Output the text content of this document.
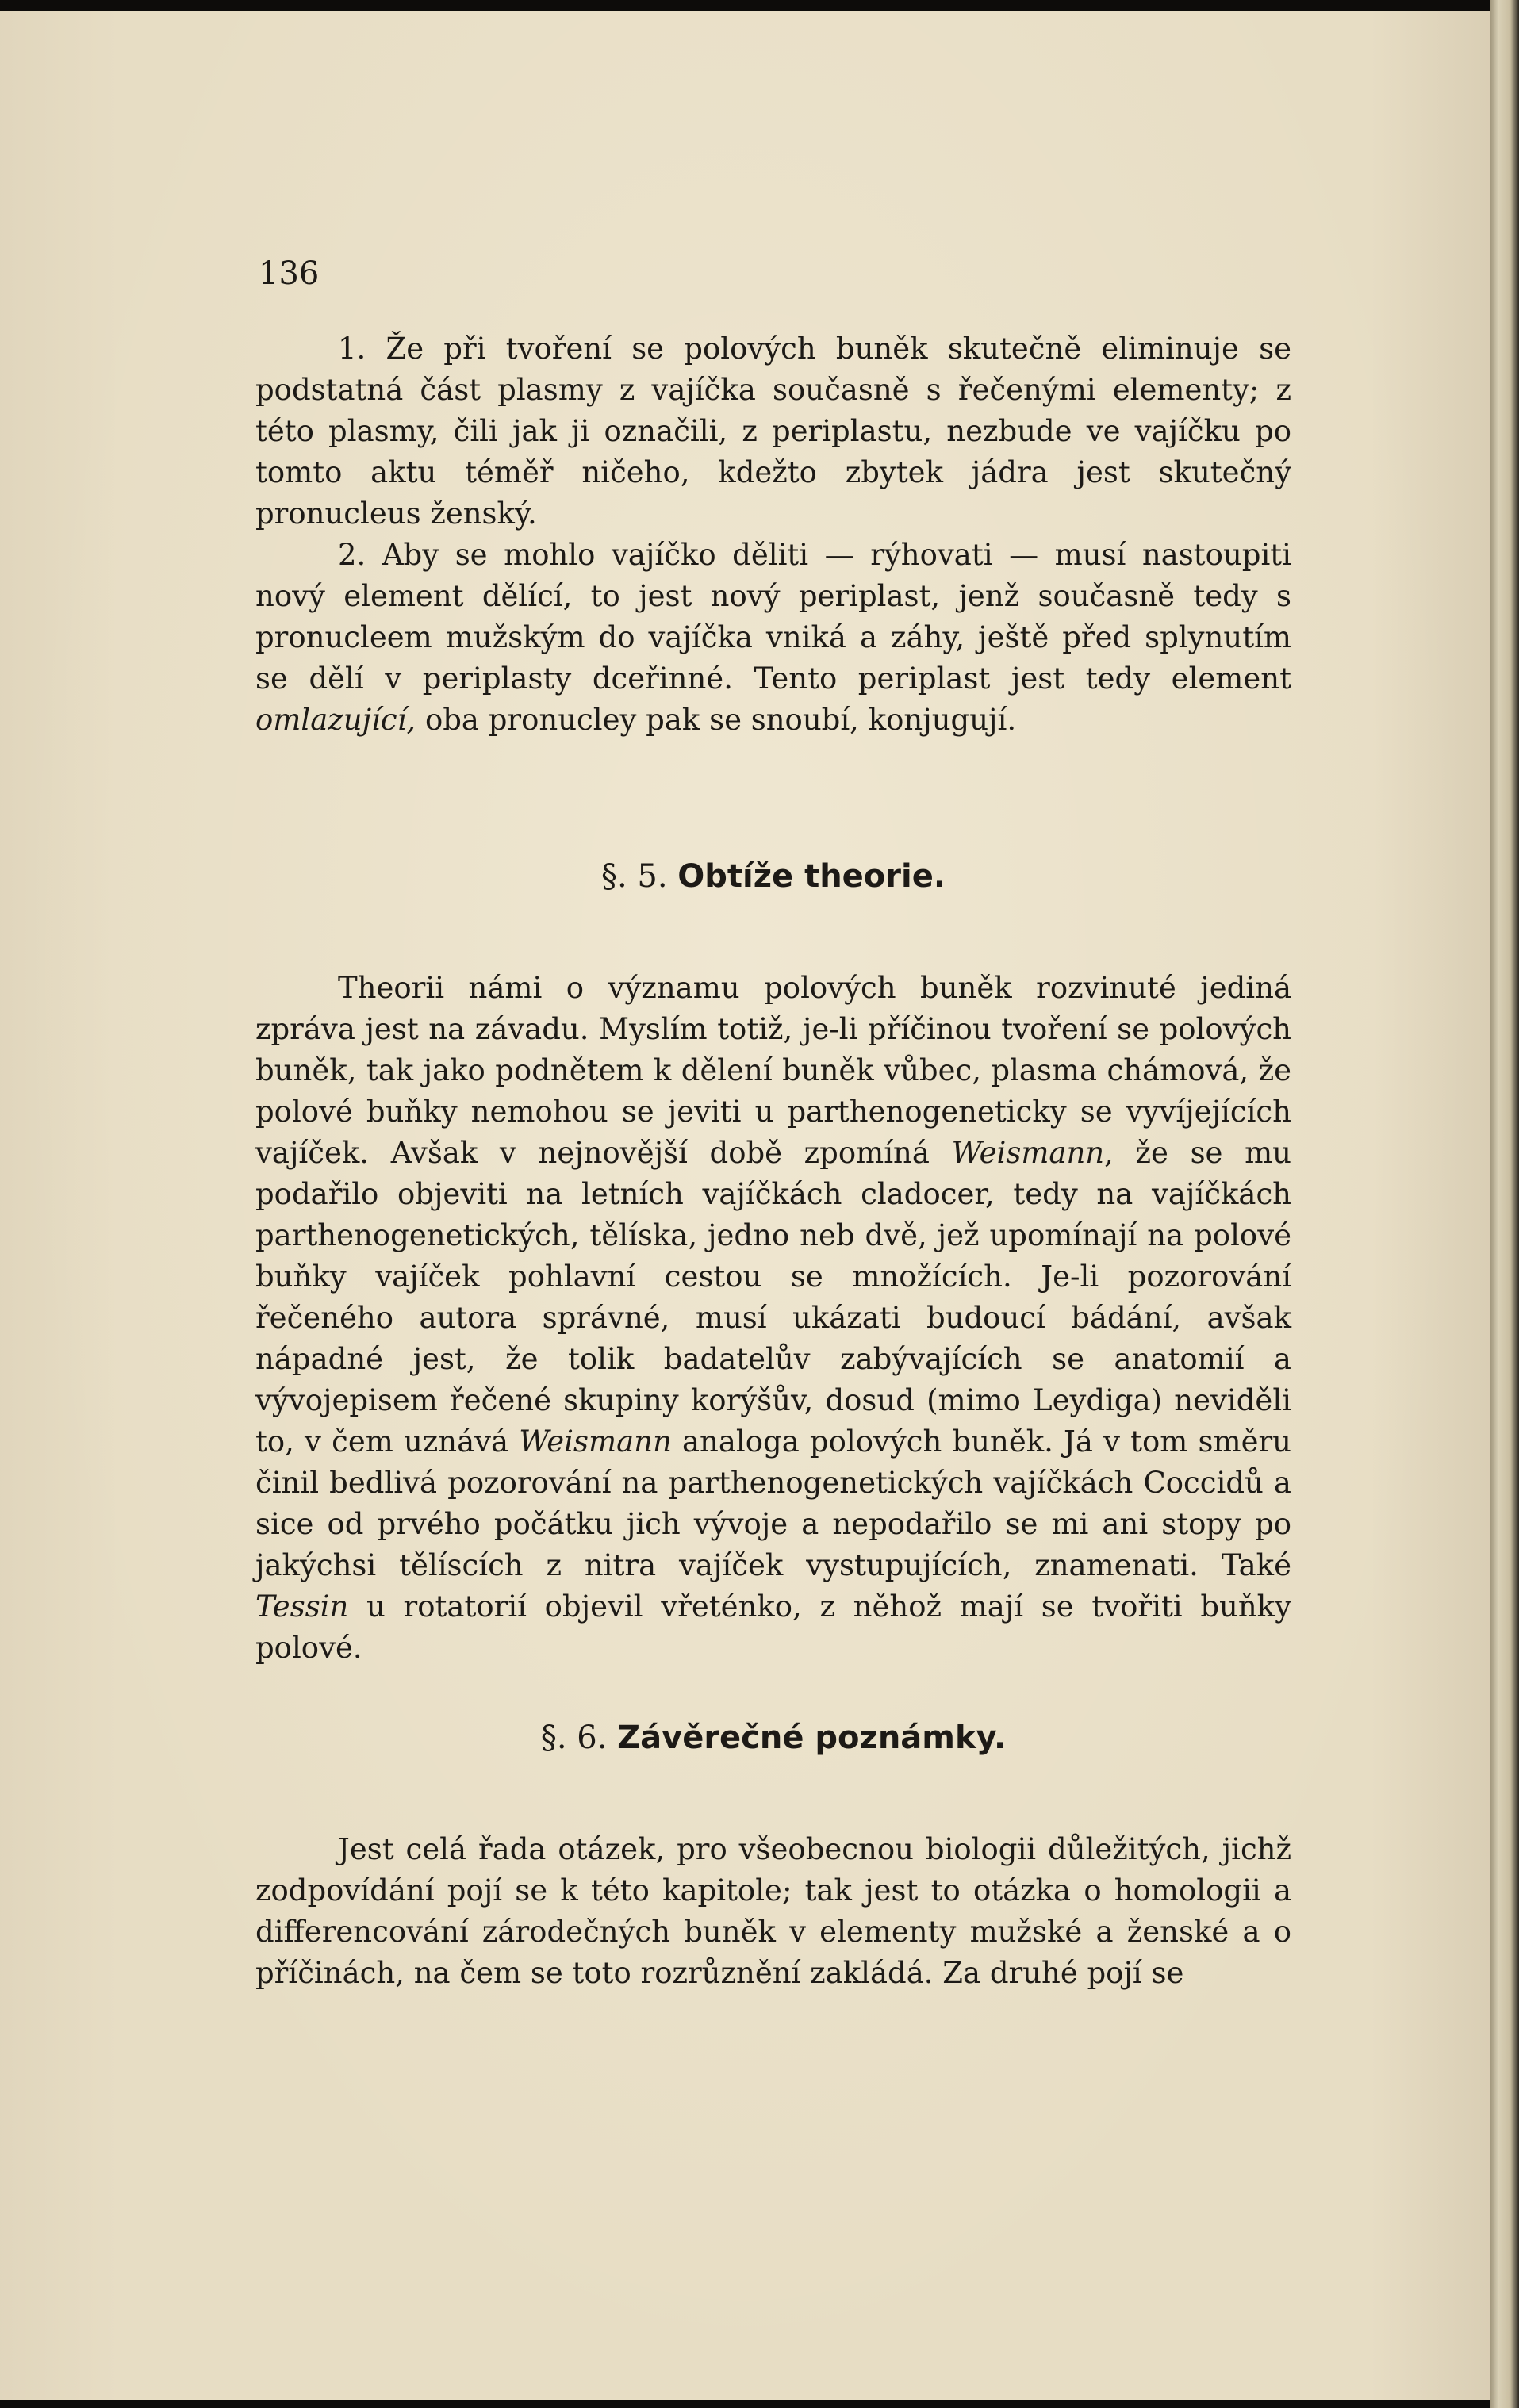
136

1. Že při tvoření se polových buněk skutečně eliminuje se podstatná část plasmy z vajíčka současně s řečenými elementy; z této plasmy, čili jak ji označili, z periplastu, nezbude ve vajíčku po tomto aktu téměř ničeho, kdežto zbytek jádra jest skutečný pronucleus ženský.

2. Aby se mohlo vajíčko děliti — rýhovati — musí nastoupiti nový element dělící, to jest nový periplast, jenž současně tedy s pronucleem mužským do vajíčka vniká a záhy, ještě před splynutím se dělí v periplasty dceřinné. Tento periplast jest tedy element omlazující, oba pronucley pak se snoubí, konjugují.

§. 5. Obtíže theorie.

Theorii námi o významu polových buněk rozvinuté jediná zpráva jest na závadu. Myslím totiž, je-li příčinou tvoření se polových buněk, tak jako podnětem k dělení buněk vůbec, plasma chámová, že polové buňky nemohou se jeviti u parthenogeneticky se vyvíjejících vajíček. Avšak v nejnovější době zpomíná Weismann, že se mu podařilo objeviti na letních vajíčkách cladocer, tedy na vajíčkách parthenogenetických, tělíska, jedno neb dvě, jež upomínají na polové buňky vajíček pohlavní cestou se množících. Je-li pozorování řečeného autora správné, musí ukázati budoucí bádání, avšak nápadné jest, že tolik badatelův zabývajících se anatomií a vývojepisem řečené skupiny korýšův, dosud (mimo Leydiga) neviděli to, v čem uznává Weismann analoga polových buněk. Já v tom směru činil bedlivá pozorování na parthenogenetických vajíčkách Coccidů a sice od prvého počátku jich vývoje a nepodařilo se mi ani stopy po jakýchsi tělíscích z nitra vajíček vystupujících, znamenati. Také Tessin u rotatorií objevil vřeténko, z něhož mají se tvořiti buňky polové.

§. 6. Závěrečné poznámky.

Jest celá řada otázek, pro všeobecnou biologii důležitých, jichž zodpovídání pojí se k této kapitole; tak jest to otázka o homologii a differencování zárodečných buněk v elementy mužské a ženské a o příčinách, na čem se toto rozrůznění zakládá. Za druhé pojí se
